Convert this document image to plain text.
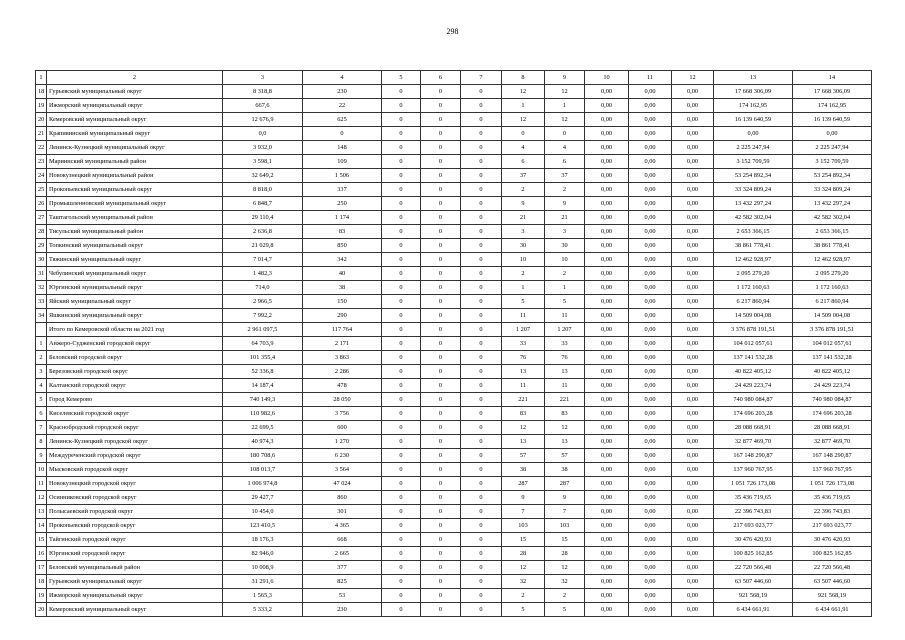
298
1	2	3	4	5	6	7	8	9	10	11	12	13	14
18	Гурьевский муниципальный округ	8 318,8	230	0	0	0	12	12	0,00	0,00	0,00	17 668 306,09	17 668 306,09
19	Ижморский муниципальный округ	667,6	22	0	0	0	1	1	0,00	0,00	0,00	174 162,95	174 162,95
20	Кемеровский муниципальный округ	12 676,9	625	0	0	0	12	12	0,00	0,00	0,00	16 139 640,59	16 139 640,59
21	Крапивинский муниципальный округ	0,0	0	0	0	0	0	0	0,00	0,00	0,00	0,00	0,00
22	Ленинск-Кузнецкий муниципальный округ	3 932,0	148	0	0	0	4	4	0,00	0,00	0,00	2 225 247,94	2 225 247,94
23	Мариинский муниципальный район	3 598,1	109	0	0	0	6	6	0,00	0,00	0,00	3 152 709,59	3 152 709,59
24	Новокузнецкий муниципальный район	32 649,2	1 506	0	0	0	37	37	0,00	0,00	0,00	53 254 892,34	53 254 892,34
25	Прокопьевский муниципальный округ	8 818,0	337	0	0	0	2	2	0,00	0,00	0,00	33 324 809,24	33 324 809,24
26	Промышленновский муниципальный округ	6 848,7	250	0	0	0	9	9	0,00	0,00	0,00	13 432 297,24	13 432 297,24
27	Таштагольский муниципальный район	29 110,4	1 174	0	0	0	21	21	0,00	0,00	0,00	42 582 302,04	42 582 302,04
28	Тисульский муниципальный район	2 636,8	83	0	0	0	3	3	0,00	0,00	0,00	2 653 366,15	2 653 366,15
29	Топкинский муниципальный округ	21 029,8	850	0	0	0	30	30	0,00	0,00	0,00	38 861 778,41	38 861 778,41
30	Тяжинский муниципальный округ	7 014,7	342	0	0	0	10	10	0,00	0,00	0,00	12 462 928,97	12 462 928,97
31	Чебулинский муниципальный округ	1 482,3	40	0	0	0	2	2	0,00	0,00	0,00	2 095 279,20	2 095 279,20
32	Юргинский муниципальный округ	714,0	38	0	0	0	1	1	0,00	0,00	0,00	1 172 160,63	1 172 160,63
33	Яйский муниципальный округ	2 966,5	150	0	0	0	5	5	0,00	0,00	0,00	6 217 860,94	6 217 860,94
34	Яшкинский муниципальный округ	7 992,2	290	0	0	0	11	11	0,00	0,00	0,00	14 509 004,08	14 509 004,08
	Итого по Кемеровской области на 2021 год	2 961 097,5	117 764	0	0	0	1 207	1 207	0,00	0,00	0,00	3 376 878 191,51	3 376 878 191,51
1	Анжеро-Судженский городской округ	64 703,9	2 171	0	0	0	33	33	0,00	0,00	0,00	104 012 057,61	104 012 057,61
2	Беловский городской округ	101 355,4	3 863	0	0	0	76	76	0,00	0,00	0,00	137 141 532,28	137 141 532,28
3	Березовский городской округ	52 336,8	2 286	0	0	0	13	13	0,00	0,00	0,00	40 822 405,12	40 822 405,12
4	Калтанский городской округ	14 187,4	478	0	0	0	11	11	0,00	0,00	0,00	24 429 223,74	24 429 223,74
5	Город Кемерово	740 149,3	28 050	0	0	0	221	221	0,00	0,00	0,00	740 980 084,87	740 980 084,87
6	Киселевский городской округ	110 982,6	3 756	0	0	0	83	83	0,00	0,00	0,00	174 696 203,28	174 696 203,28
7	Краснобродский городской округ	22 699,5	600	0	0	0	12	12	0,00	0,00	0,00	28 088 668,91	28 088 668,91
8	Ленинск-Кузнецкий городской округ	40 974,3	1 270	0	0	0	13	13	0,00	0,00	0,00	32 877 469,70	32 877 469,70
9	Междуреченский городской округ	180 708,6	6 230	0	0	0	57	57	0,00	0,00	0,00	167 148 290,87	167 148 290,87
10	Мысковский городской округ	108 013,7	3 564	0	0	0	38	38	0,00	0,00	0,00	137 960 767,95	137 960 767,95
11	Новокузнецкий городской округ	1 006 974,8	47 024	0	0	0	287	287	0,00	0,00	0,00	1 051 726 173,08	1 051 726 173,08
12	Осинниковский городской округ	29 427,7	860	0	0	0	9	9	0,00	0,00	0,00	35 436 719,65	35 436 719,65
13	Полысаевский городской округ	10 454,0	301	0	0	0	7	7	0,00	0,00	0,00	22 396 743,83	22 396 743,83
14	Прокопьевский городской округ	123 410,5	4 365	0	0	0	103	103	0,00	0,00	0,00	217 693 023,77	217 693 023,77
15	Тайгинский городской округ	18 176,3	668	0	0	0	15	15	0,00	0,00	0,00	30 476 420,93	30 476 420,93
16	Юргинский городской округ	82 946,0	2 665	0	0	0	28	28	0,00	0,00	0,00	100 825 162,85	100 825 162,85
17	Беловский муниципальный район	10 008,9	377	0	0	0	12	12	0,00	0,00	0,00	22 720 566,48	22 720 566,48
18	Гурьевский муниципальный округ	31 291,6	825	0	0	0	32	32	0,00	0,00	0,00	63 507 446,60	63 507 446,60
19	Ижморский муниципальный округ	1 565,3	53	0	0	0	2	2	0,00	0,00	0,00	921 568,19	921 568,19
20	Кемеровский муниципальный округ	5 333,2	230	0	0	0	5	5	0,00	0,00	0,00	6 434 661,91	6 434 661,91
